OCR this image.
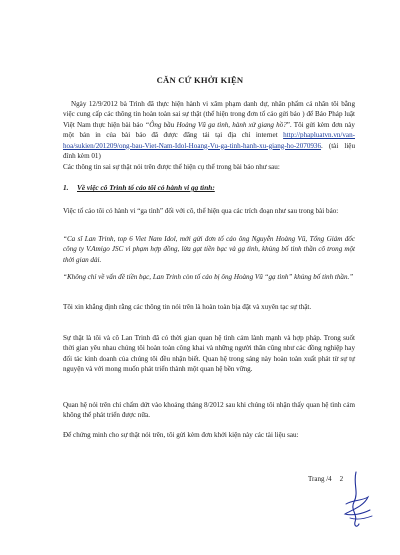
CĂN CỨ KHỞI KIỆN

Ngày 12/9/2012 bà Trình đã thực hiện hành vi xâm phạm danh dự, nhân phẩm cá nhân tôi bằng việc cung cấp các thông tin hoàn toàn sai sự thật (thể hiện trong đơn tố cáo gửi báo ) để Báo Pháp luật Việt Nam thực hiện bài báo “Ông bầu Hoàng Vũ ga tình, hành xử giang hồ?”. Tôi gửi kèm đơn này một bản in của bài báo đã được đăng tải tại địa chỉ internet http://phapluatvn.vn/van-hoa/sukien/201209/ong-bau-Viet-Nam-Idol-Hoang-Vu-ga-tinh-hanh-xu-giang-ho-2070936. (tài liệu đính kèm 01)

Các thông tin sai sự thật nói trên được thể hiện cụ thể trong bài báo như sau:

1. Về việc cô Trình tố cáo tôi có hành vi gạ tình:

Việc tố cáo tôi có hành vi “ga tình” đối với cô, thể hiện qua các trích đoạn như sau trong bài báo:

“Ca sĩ Lan Trinh, top 6 Viet Nam Idol, mới gửi đơn tố cáo ông Nguyễn Hoàng Vũ, Tổng Giám đốc công ty V.Amigo JSC vì phạm hợp đồng, lừa gạt tiền bạc và gạ tình, khủng bố tinh thần cô trong một thời gian dài.

“Không chỉ về vấn đề tiền bạc, Lan Trinh còn tố cáo bị ông Hoàng Vũ “gạ tình” khủng bố tinh thần.”

Tôi xin khẳng định rằng các thông tin nói trên là hoàn toàn bịa đặt và xuyên tạc sự thật.

Sự thật là tôi và cô Lan Trinh đã có thời gian quan hệ tình cảm lành mạnh và hợp pháp. Trong suốt thời gian yêu nhau chúng tôi hoàn toàn công khai và những người thân cũng như các đồng nghiệp hay đối tác kinh doanh của chúng tôi đều nhận biết. Quan hệ trong sáng này hoàn toàn xuất phát từ sự tự nguyện và với mong muốn phát triển thành một quan hệ bền vững.

Quan hệ nói trên chỉ chấm dứt vào khoảng tháng 8/2012 sau khi chúng tôi nhận thấy quan hệ tình cảm không thể phát triển được nữa.

Để chứng minh cho sự thật nói trên, tôi gửi kèm đơn khởi kiện này các tài liệu sau:

Trang /4 2
